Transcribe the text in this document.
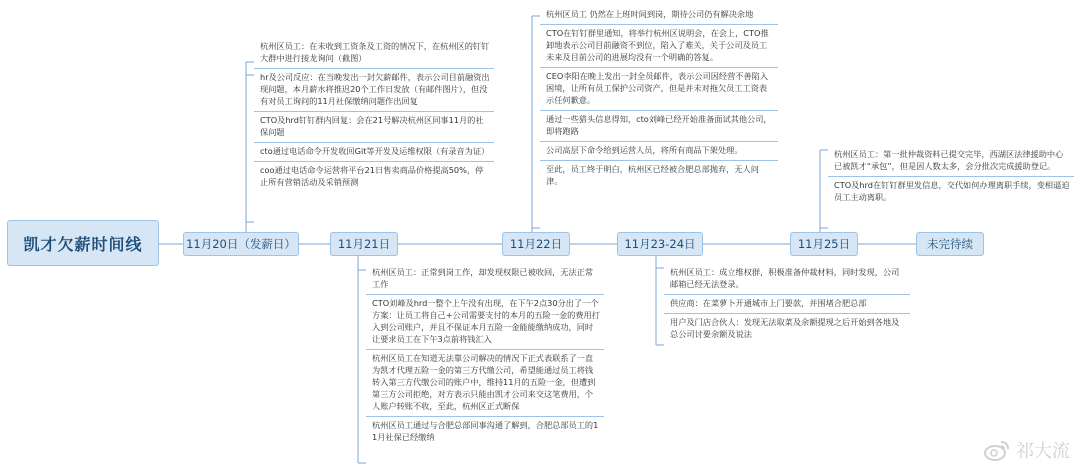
凯才欠薪时间线	11月20日（发薪日）	11月21日	11月22日	11月23-24日	11月25日	未完待续
杭州区员工：在未收到工资条及工资的情况下，在杭州区的钉钉大群中进行接龙询问（截图）
hr及公司反应：在当晚发出一封欠薪邮件，表示公司目前融资出现问题，本月薪水将推迟20个工作日发放（有邮件图片），但没有对员工询问的11月社保缴纳问题作出回复
CTO及hrd钉钉群内回复：会在21号解决杭州区同事11月的社保问题
cto通过电话命令开发收回Git等开发及运维权限（有录音为证）
coo通过电话命令运营将平台21日售卖商品价格提高50%，停止所有营销活动及采销预测
杭州区员工：正常到岗工作，却发现权限已被收回，无法正常工作
CTO刘峰及hrd一整个上午没有出现，在下午2点30分出了一个方案：让员工将自己+公司需要支付的本月的五险一金的费用打入到公司账户，并且不保证本月五险一金能能缴纳成功，同时让要求员工在下午3点前将钱汇入
杭州区员工在知道无法靠公司解决的情况下正式表联系了一直为凯才代理五险一金的第三方代缴公司，希望能通过员工将钱转入第三方代缴公司的账户中，维持11月的五险一金，但遭到第三方公司拒绝，对方表示只能由凯才公司来交这笔费用，个人账户转账不收，至此，杭州区正式断保
杭州区员工通过与合肥总部同事沟通了解到，合肥总部员工的11月社保已经缴纳
杭州区员工 仍然在上班时间到岗，期待公司仍有解决余地
CTO在钉钉群里通知，将举行杭州区说明会，在会上，CTO推卸地表示公司目前融资不到位，陷入了难关，关于公司及员工未来及目前公司的进展均没有一个明确的答复。
CEO李阳在晚上发出一封全员邮件，表示公司因经营不善陷入困境，让所有员工保护公司资产，但是并未对拖欠员工工资表示任何歉意。
通过一些猎头信息得知，cto刘峰已经开始准备面试其他公司，即将跑路
公司高层下命令给到运营人员，将所有商品下架处理。
至此，员工终于明白，杭州区已经被合肥总部抛弃，无人问津。
杭州区员工：成立维权群，积极准备仲裁材料，同时发现，公司邮箱已经无法登录。
供应商：在菜萝卜开通城市上门要款，并围堵合肥总部
用户及门店合伙人：发现无法取菜及余额提现之后开始到各地及总公司讨要余额及说法
杭州区员工：第一批仲裁资料已提交完毕，西湖区法律援助中心已被凯才“承包”，但是因人数太多，会分批次完成援助登记。
CTO及hrd在钉钉群里发信息，交代如何办理离职手续，变相逼迫员工主动离职。
祁大流
